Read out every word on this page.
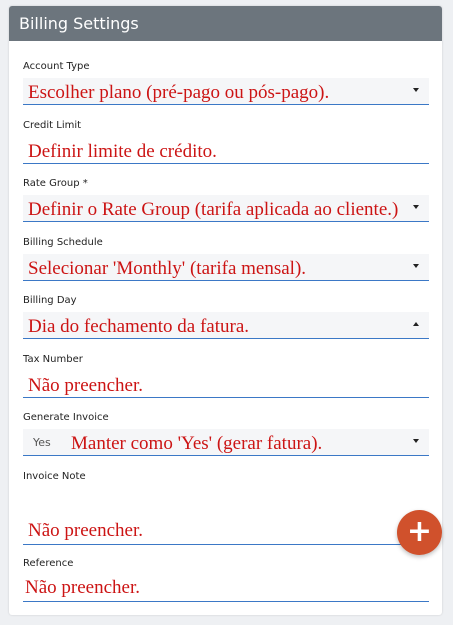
Billing Settings
Account Type
Escolher plano (pré-pago ou pós-pago).
Credit Limit
Definir limite de crédito.
Rate Group *
Definir o Rate Group (tarifa aplicada ao cliente.)
Billing Schedule
Selecionar 'Monthly' (tarifa mensal).
Billing Day
Dia do fechamento da fatura.
Tax Number
Não preencher.
Generate Invoice
Yes Manter como 'Yes' (gerar fatura).
Invoice Note
Não preencher.
Reference
Não preencher.
+
